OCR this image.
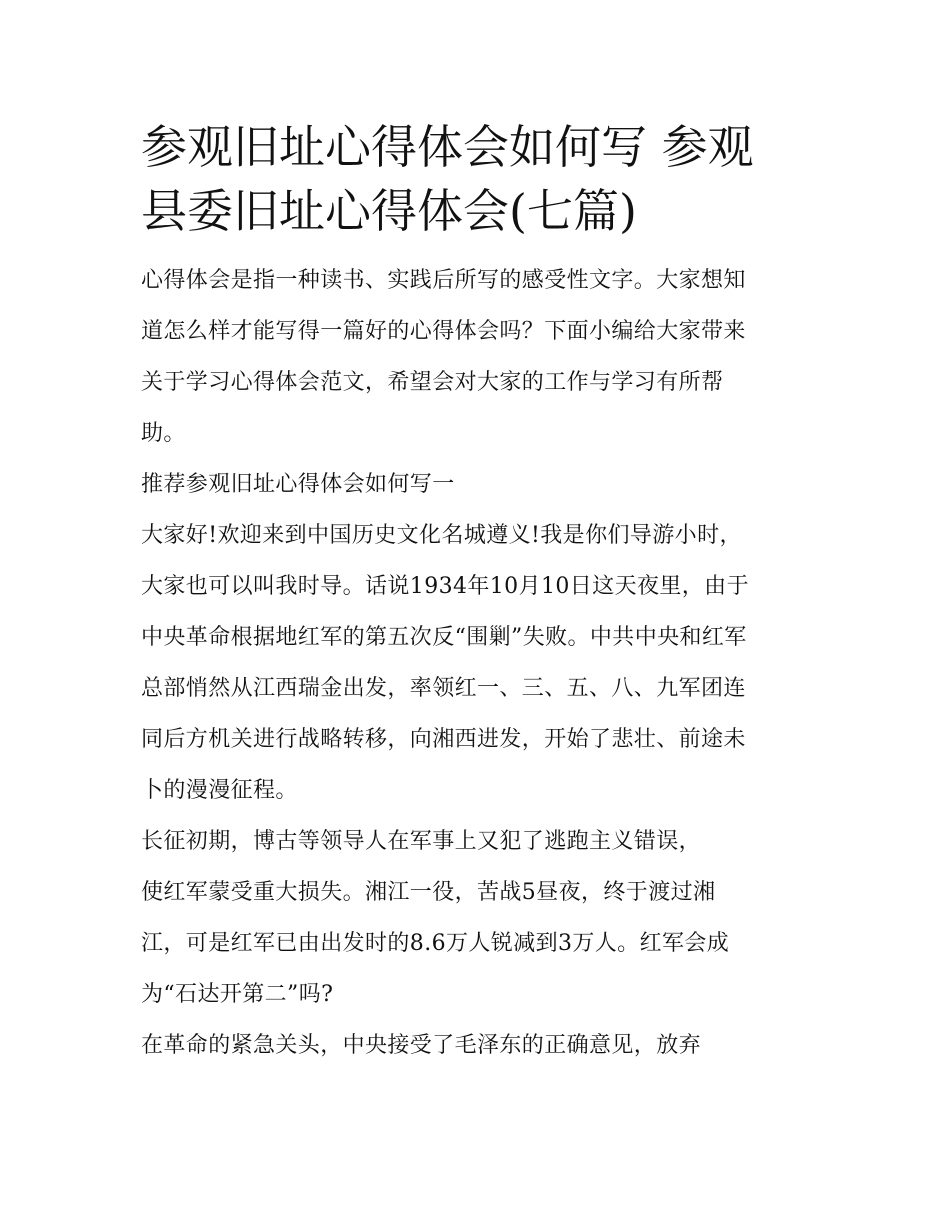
参观旧址心得体会如何写 参观
县委旧址心得体会(七篇)
心得体会是指一种读书、实践后所写的感受性文字。大家想知
道怎么样才能写得一篇好的心得体会吗？下面小编给大家带来
关于学习心得体会范文，希望会对大家的工作与学习有所帮
助。
推荐参观旧址心得体会如何写一
大家好!欢迎来到中国历史文化名城遵义!我是你们导游小时，
大家也可以叫我时导。话说1934年10月10日这天夜里，由于
中央革命根据地红军的第五次反“围剿”失败。中共中央和红军
总部悄然从江西瑞金出发，率领红一、三、五、八、九军团连
同后方机关进行战略转移，向湘西进发，开始了悲壮、前途未
卜的漫漫征程。
长征初期，博古等领导人在军事上又犯了逃跑主义错误，
使红军蒙受重大损失。湘江一役，苦战5昼夜，终于渡过湘
江，可是红军已由出发时的8.6万人锐减到3万人。红军会成
为“石达开第二”吗?
在革命的紧急关头，中央接受了毛泽东的正确意见，放弃
